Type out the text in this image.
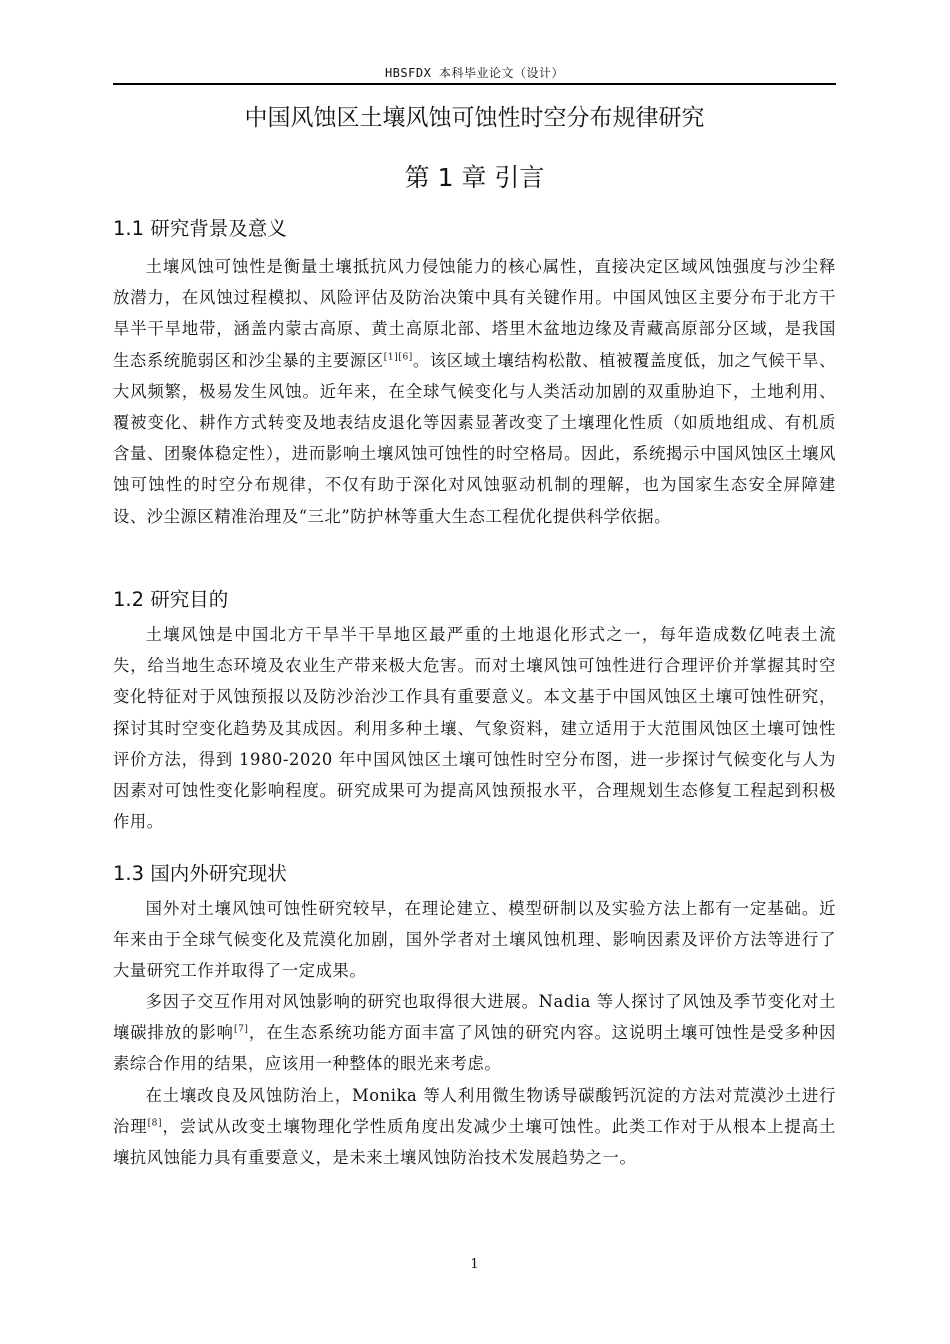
HBSFDX 本科毕业论文（设计）
中国风蚀区土壤风蚀可蚀性时空分布规律研究
第 1 章 引言
1.1 研究背景及意义

土壤风蚀可蚀性是衡量土壤抵抗风力侵蚀能力的核心属性，直接决定区域风蚀强度与沙尘释放潜力，在风蚀过程模拟、风险评估及防治决策中具有关键作用。中国风蚀区主要分布于北方干旱半干旱地带，涵盖内蒙古高原、黄土高原北部、塔里木盆地边缘及青藏高原部分区域，是我国生态系统脆弱区和沙尘暴的主要源区[1][6]。该区域土壤结构松散、植被覆盖度低，加之气候干旱、大风频繁，极易发生风蚀。近年来，在全球气候变化与人类活动加剧的双重胁迫下，土地利用、覆被变化、耕作方式转变及地表结皮退化等因素显著改变了土壤理化性质（如质地组成、有机质含量、团聚体稳定性），进而影响土壤风蚀可蚀性的时空格局。因此，系统揭示中国风蚀区土壤风蚀可蚀性的时空分布规律，不仅有助于深化对风蚀驱动机制的理解，也为国家生态安全屏障建设、沙尘源区精准治理及“三北”防护林等重大生态工程优化提供科学依据。

1.2 研究目的

土壤风蚀是中国北方干旱半干旱地区最严重的土地退化形式之一，每年造成数亿吨表土流失，给当地生态环境及农业生产带来极大危害。而对土壤风蚀可蚀性进行合理评价并掌握其时空变化特征对于风蚀预报以及防沙治沙工作具有重要意义。本文基于中国风蚀区土壤可蚀性研究，探讨其时空变化趋势及其成因。利用多种土壤、气象资料，建立适用于大范围风蚀区土壤可蚀性评价方法，得到 1980-2020 年中国风蚀区土壤可蚀性时空分布图，进一步探讨气候变化与人为因素对可蚀性变化影响程度。研究成果可为提高风蚀预报水平，合理规划生态修复工程起到积极作用。

1.3 国内外研究现状

国外对土壤风蚀可蚀性研究较早，在理论建立、模型研制以及实验方法上都有一定基础。近年来由于全球气候变化及荒漠化加剧，国外学者对土壤风蚀机理、影响因素及评价方法等进行了大量研究工作并取得了一定成果。

多因子交互作用对风蚀影响的研究也取得很大进展。Nadia 等人探讨了风蚀及季节变化对土壤碳排放的影响[7]，在生态系统功能方面丰富了风蚀的研究内容。这说明土壤可蚀性是受多种因素综合作用的结果，应该用一种整体的眼光来考虑。

在土壤改良及风蚀防治上，Monika 等人利用微生物诱导碳酸钙沉淀的方法对荒漠沙土进行治理[8]，尝试从改变土壤物理化学性质角度出发减少土壤可蚀性。此类工作对于从根本上提高土壤抗风蚀能力具有重要意义，是未来土壤风蚀防治技术发展趋势之一。

1
